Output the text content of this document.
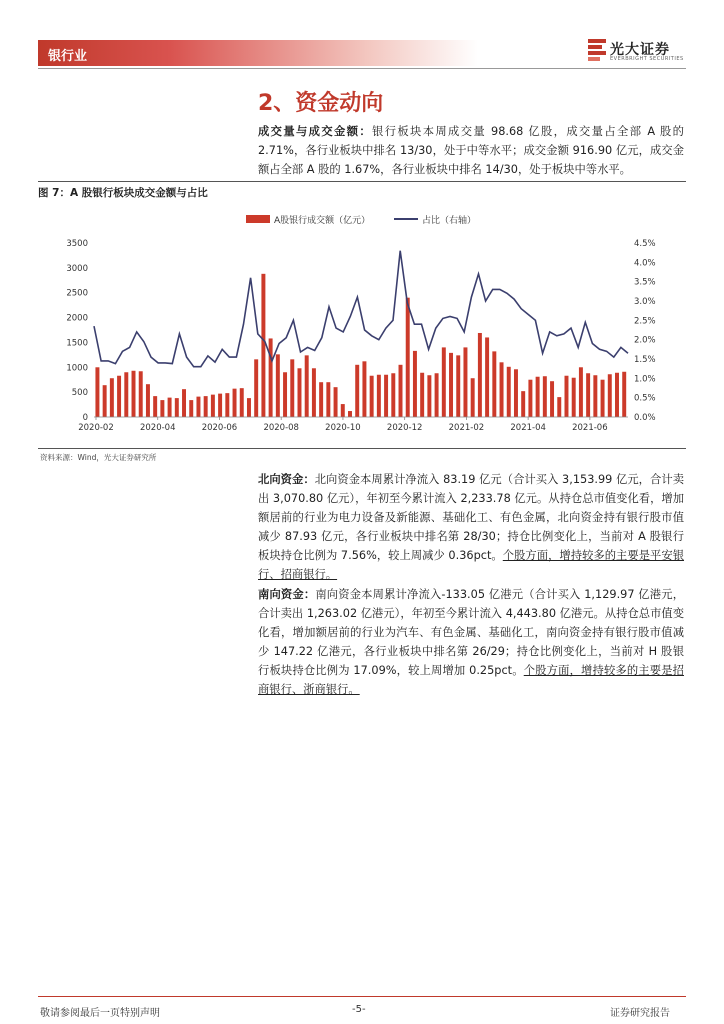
银行业	光大证券
EVERBRIGHT SECURITIES
2、资金动向
成交量与成交金额：银行板块本周成交量 98.68 亿股，成交量占全部 A 股的 2.71%，各行业板块中排名 13/30，处于中等水平；成交金额 916.90 亿元，成交金额占全部 A 股的 1.67%，各行业板块中排名 14/30，处于板块中等水平。
图 7：A 股银行板块成交金额与占比
A股银行成交额（亿元）	占比（右轴）
0
500
1000
1500
2000
2500
3000
3500
0.0%
0.5%
1.0%
1.5%
2.0%
2.5%
3.0%
3.5%
4.0%
4.5%
2020-02	2020-04	2020-06	2020-08	2020-10	2020-12	2021-02	2021-04	2021-06
资料来源：Wind，光大证券研究所
北向资金：北向资金本周累计净流入 83.19 亿元（合计买入 3,153.99 亿元，合计卖出 3,070.80 亿元），年初至今累计流入 2,233.78 亿元。从持仓总市值变化看，增加额居前的行业为电力设备及新能源、基础化工、有色金属，北向资金持有银行股市值减少 87.93 亿元，各行业板块中排名第 28/30；持仓比例变化上，当前对 A 股银行板块持仓比例为 7.56%，较上周减少 0.36pct。个股方面，增持较多的主要是平安银行、招商银行。
南向资金：南向资金本周累计净流入-133.05 亿港元（合计买入 1,129.97 亿港元，合计卖出 1,263.02 亿港元），年初至今累计流入 4,443.80 亿港元。从持仓总市值变化看，增加额居前的行业为汽车、有色金属、基础化工，南向资金持有银行股市值减少 147.22 亿港元，各行业板块中排名第 26/29；持仓比例变化上，当前对 H 股银行板块持仓比例为 17.09%，较上周增加 0.25pct。个股方面，增持较多的主要是招商银行、浙商银行。
敬请参阅最后一页特别声明	-5-	证券研究报告
